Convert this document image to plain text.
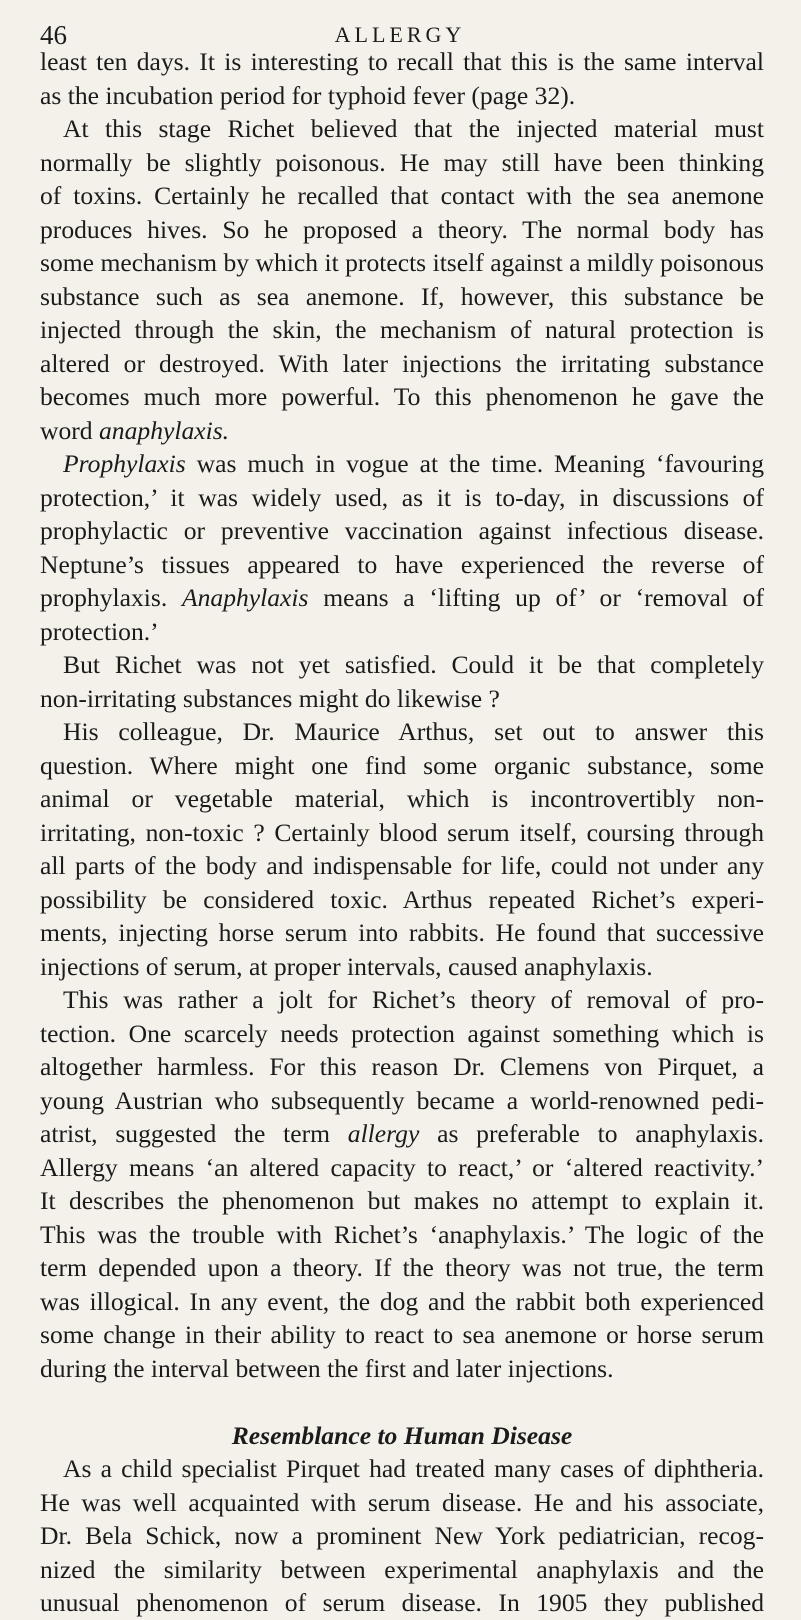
46	ALLERGY
least ten days. It is interesting to recall that this is the same interval
as the incubation period for typhoid fever (page 32).
At this stage Richet believed that the injected material must
normally be slightly poisonous. He may still have been thinking
of toxins. Certainly he recalled that contact with the sea anemone
produces hives. So he proposed a theory. The normal body has
some mechanism by which it protects itself against a mildly poisonous
substance such as sea anemone. If, however, this substance be
injected through the skin, the mechanism of natural protection is
altered or destroyed. With later injections the irritating substance
becomes much more powerful. To this phenomenon he gave the
word anaphylaxis.
Prophylaxis was much in vogue at the time. Meaning ‘favouring
protection,’ it was widely used, as it is to-day, in discussions of
prophylactic or preventive vaccination against infectious disease.
Neptune’s tissues appeared to have experienced the reverse of
prophylaxis. Anaphylaxis means a ‘lifting up of’ or ‘removal of
protection.’
But Richet was not yet satisfied. Could it be that completely
non-irritating substances might do likewise ?
His colleague, Dr. Maurice Arthus, set out to answer this
question. Where might one find some organic substance, some
animal or vegetable material, which is incontrovertibly non-
irritating, non-toxic ? Certainly blood serum itself, coursing through
all parts of the body and indispensable for life, could not under any
possibility be considered toxic. Arthus repeated Richet’s experi-
ments, injecting horse serum into rabbits. He found that successive
injections of serum, at proper intervals, caused anaphylaxis.
This was rather a jolt for Richet’s theory of removal of pro-
tection. One scarcely needs protection against something which is
altogether harmless. For this reason Dr. Clemens von Pirquet, a
young Austrian who subsequently became a world-renowned pedi-
atrist, suggested the term allergy as preferable to anaphylaxis.
Allergy means ‘an altered capacity to react,’ or ‘altered reactivity.’
It describes the phenomenon but makes no attempt to explain it.
This was the trouble with Richet’s ‘anaphylaxis.’ The logic of the
term depended upon a theory. If the theory was not true, the term
was illogical. In any event, the dog and the rabbit both experienced
some change in their ability to react to sea anemone or horse serum
during the interval between the first and later injections.
Resemblance to Human Disease
As a child specialist Pirquet had treated many cases of diphtheria.
He was well acquainted with serum disease. He and his associate,
Dr. Bela Schick, now a prominent New York pediatrician, recog-
nized the similarity between experimental anaphylaxis and the
unusual phenomenon of serum disease. In 1905 they published
